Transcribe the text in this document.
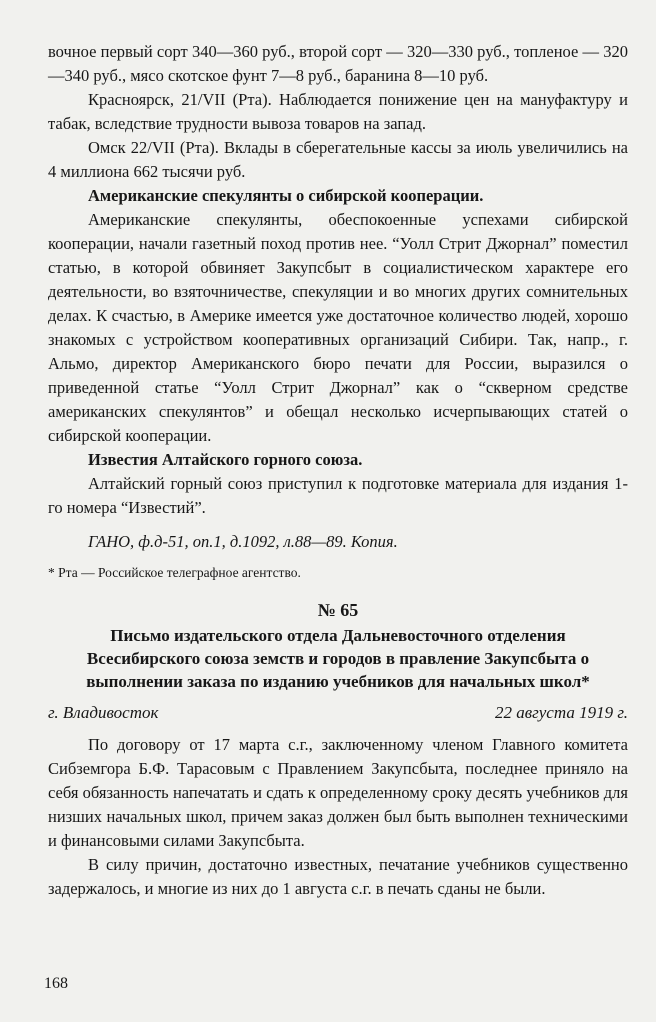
вочное первый сорт 340—360 руб., второй сорт — 320—330 руб., топленое — 320—340 руб., мясо скотское фунт 7—8 руб., баранина 8—10 руб.

Красноярск, 21/VII (Рта). Наблюдается понижение цен на мануфактуру и табак, вследствие трудности вывоза товаров на запад.

Омск 22/VII (Рта). Вклады в сберегательные кассы за июль увеличились на 4 миллиона 662 тысячи руб.

Американские спекулянты о сибирской кооперации.

Американские спекулянты, обеспокоенные успехами сибирской кооперации, начали газетный поход против нее. “Уолл Стрит Джорнал” поместил статью, в которой обвиняет Закупсбыт в социалистическом характере его деятельности, во взяточничестве, спекуляции и во многих других сомнительных делах. К счастью, в Америке имеется уже достаточное количество людей, хорошо знакомых с устройством кооперативных организаций Сибири. Так, напр., г. Альмо, директор Американского бюро печати для России, выразился о приведенной статье “Уолл Стрит Джорнал” как о “скверном средстве американских спекулянтов” и обещал несколько исчерпывающих статей о сибирской кооперации.

Известия Алтайского горного союза.

Алтайский горный союз приступил к подготовке материала для издания 1-го номера “Известий”.

ГАНО, ф.д-51, оп.1, д.1092, л.88—89. Копия.

* Рта — Российское телеграфное агентство.

№ 65
Письмо издательского отдела Дальневосточного отделения Всесибирского союза земств и городов в правление Закупсбыта о выполнении заказа по изданию учебников для начальных школ*
г. Владивосток	22 августа 1919 г.

По договору от 17 марта с.г., заключенному членом Главного комитета Сибземгора Б.Ф. Тарасовым с Правлением Закупсбыта, последнее приняло на себя обязанность напечатать и сдать к определенному сроку десять учебников для низших начальных школ, причем заказ должен был быть выполнен техническими и финансовыми силами Закупсбыта.

В силу причин, достаточно известных, печатание учебников существенно задержалось, и многие из них до 1 августа с.г. в печать сданы не были.

168
